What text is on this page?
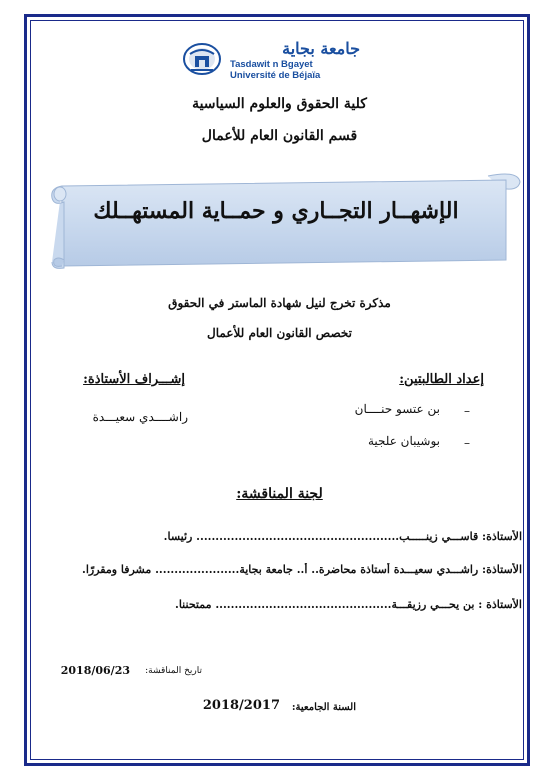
جامعة بجاية
Tasdawit n Bgayet
Université de Béjaïa
كلية الحقوق والعلوم السياسية
قسم القانون العام للأعمال
الإشهــار التجــاري و حمــاية المستهــلك
مذكرة تخرج لنيل شهادة الماستر في الحقوق
تخصص القانون العام للأعمال
إعداد الطالبتين:
–
بن عتسو حنــــان
–
بوشيبان علجية
إشـــراف الأستاذة:
راشــــدي سعيـــدة
لجنة المناقشة:
الأستاذة: قاســـي زينـــــب..................................................... رئيسا.
الأستاذة: راشـــدي سعيـــدة أستاذة محاضرة.. أ.. جامعة بجاية...................... مشرفا ومقررًا.
الأستاذة : بن يحـــي رزيقـــة.............................................. ممتحننا.
تاريخ المناقشة:
2018/06/23
السنة الجامعية:
2018/2017
